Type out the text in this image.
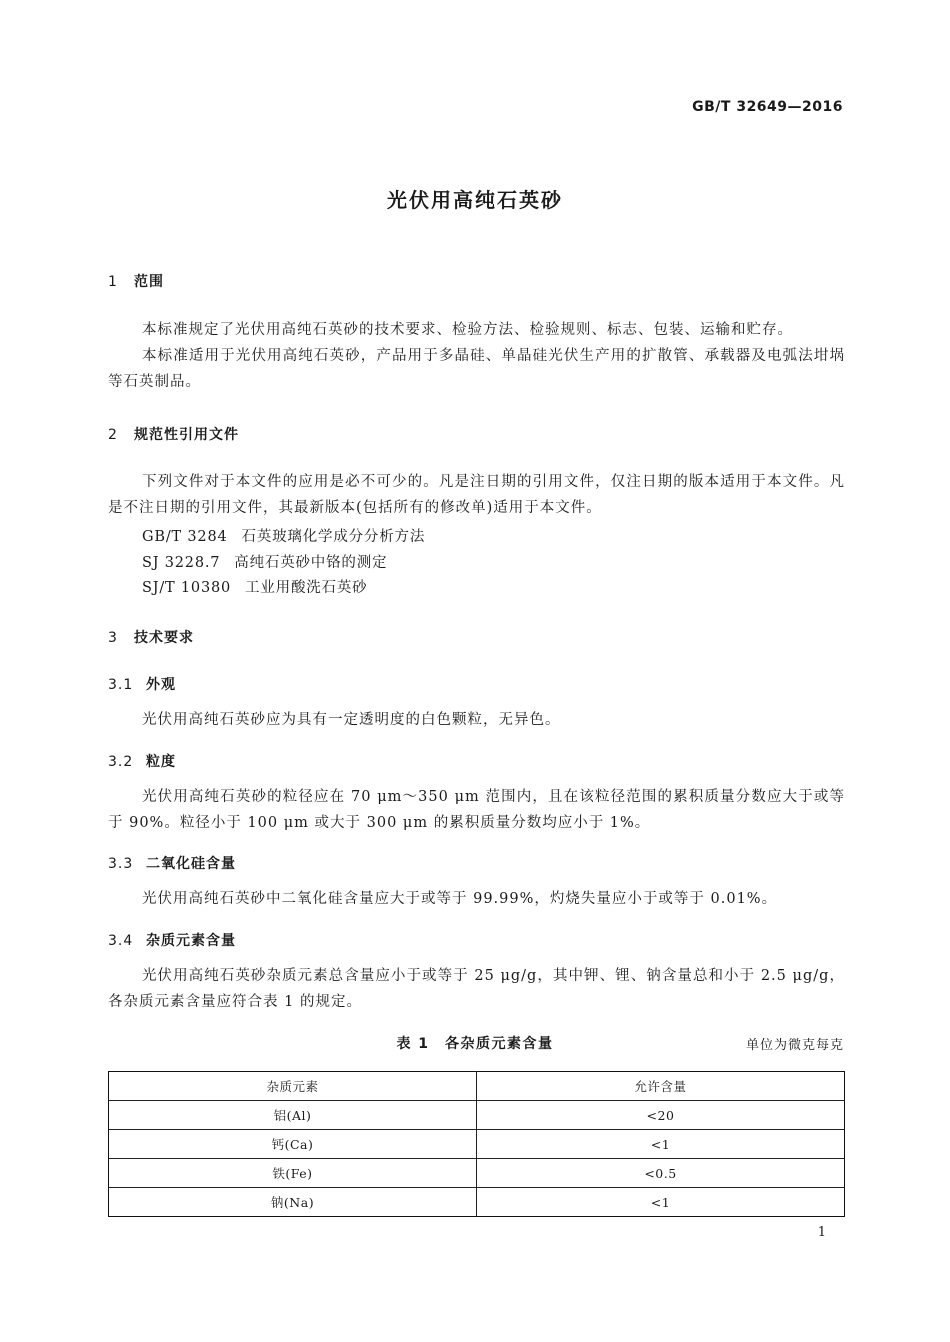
GB/T 32649—2016
光伏用高纯石英砂
1 范围

本标准规定了光伏用高纯石英砂的技术要求、检验方法、检验规则、标志、包装、运输和贮存。

本标准适用于光伏用高纯石英砂，产品用于多晶硅、单晶硅光伏生产用的扩散管、承载器及电弧法坩埚等石英制品。

2 规范性引用文件

下列文件对于本文件的应用是必不可少的。凡是注日期的引用文件，仅注日期的版本适用于本文件。凡是不注日期的引用文件，其最新版本(包括所有的修改单)适用于本文件。

GB/T 3284 石英玻璃化学成分分析方法
SJ 3228.7 高纯石英砂中铬的测定
SJ/T 10380 工业用酸洗石英砂
3 技术要求
3.1 外观

光伏用高纯石英砂应为具有一定透明度的白色颗粒，无异色。

3.2 粒度

光伏用高纯石英砂的粒径应在 70 μm～350 μm 范围内，且在该粒径范围的累积质量分数应大于或等于 90%。粒径小于 100 μm 或大于 300 μm 的累积质量分数均应小于 1%。

3.3 二氧化硅含量

光伏用高纯石英砂中二氧化硅含量应大于或等于 99.99%，灼烧失量应小于或等于 0.01%。

3.4 杂质元素含量

光伏用高纯石英砂杂质元素总含量应小于或等于 25 μg/g，其中钾、锂、钠含量总和小于 2.5 μg/g，各杂质元素含量应符合表 1 的规定。

表 1　各杂质元素含量	单位为微克每克
杂质元素	允许含量
铝(Al)	<20
钙(Ca)	<1
铁(Fe)	<0.5
钠(Na)	<1
1
